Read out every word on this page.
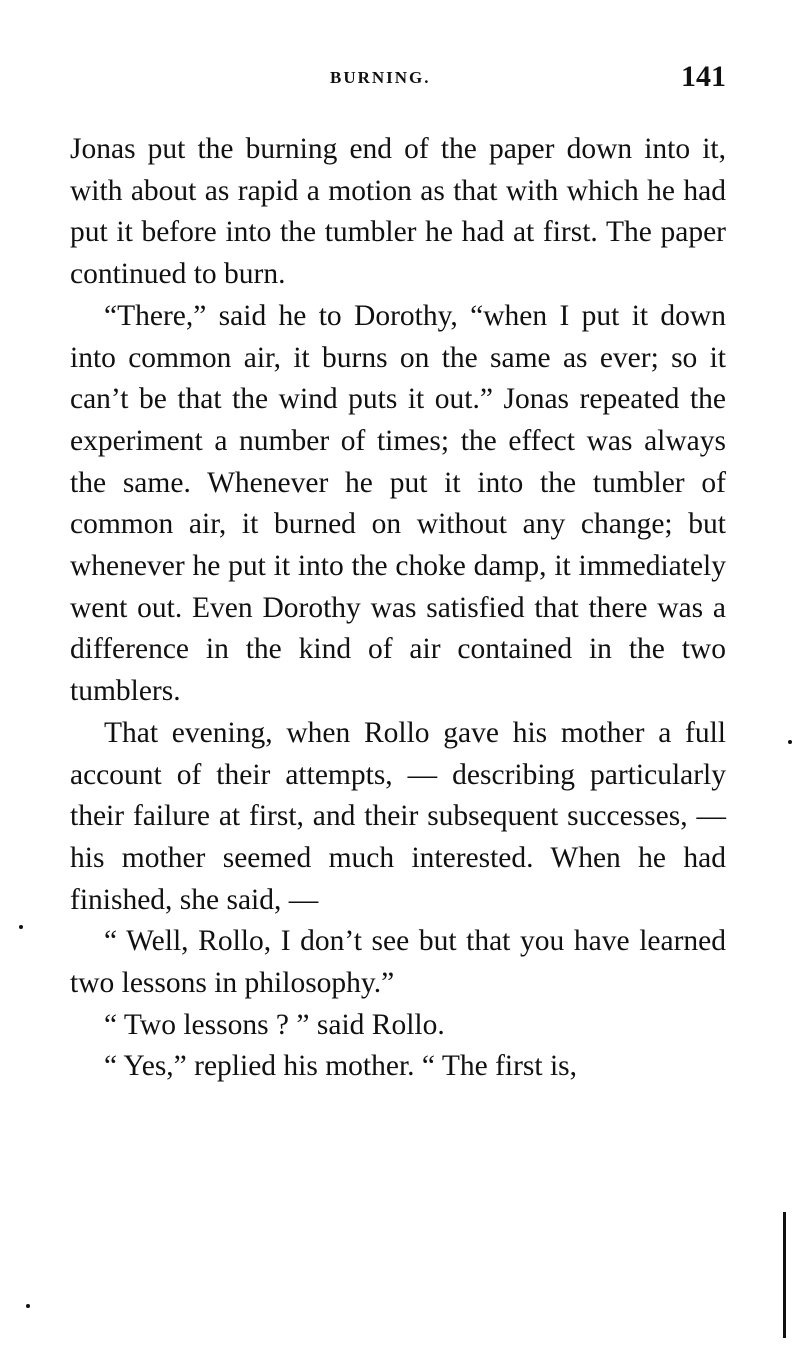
BURNING.	141

Jonas put the burning end of the paper down into it, with about as rapid a motion as that with which he had put it before into the tumbler he had at first. The paper continued to burn.

“There,” said he to Dorothy, “when I put it down into common air, it burns on the same as ever; so it can’t be that the wind puts it out.” Jonas repeated the experiment a number of times; the effect was always the same. Whenever he put it into the tumbler of common air, it burned on without any change; but whenever he put it into the choke damp, it immediately went out. Even Dorothy was satisfied that there was a difference in the kind of air contained in the two tumblers.

That evening, when Rollo gave his mother a full account of their attempts, — describing particularly their failure at first, and their subsequent successes, — his mother seemed much interested. When he had finished, she said, —

“ Well, Rollo, I don’t see but that you have learned two lessons in philosophy.”

“ Two lessons ? ” said Rollo.

“ Yes,” replied his mother. “ The first is,
